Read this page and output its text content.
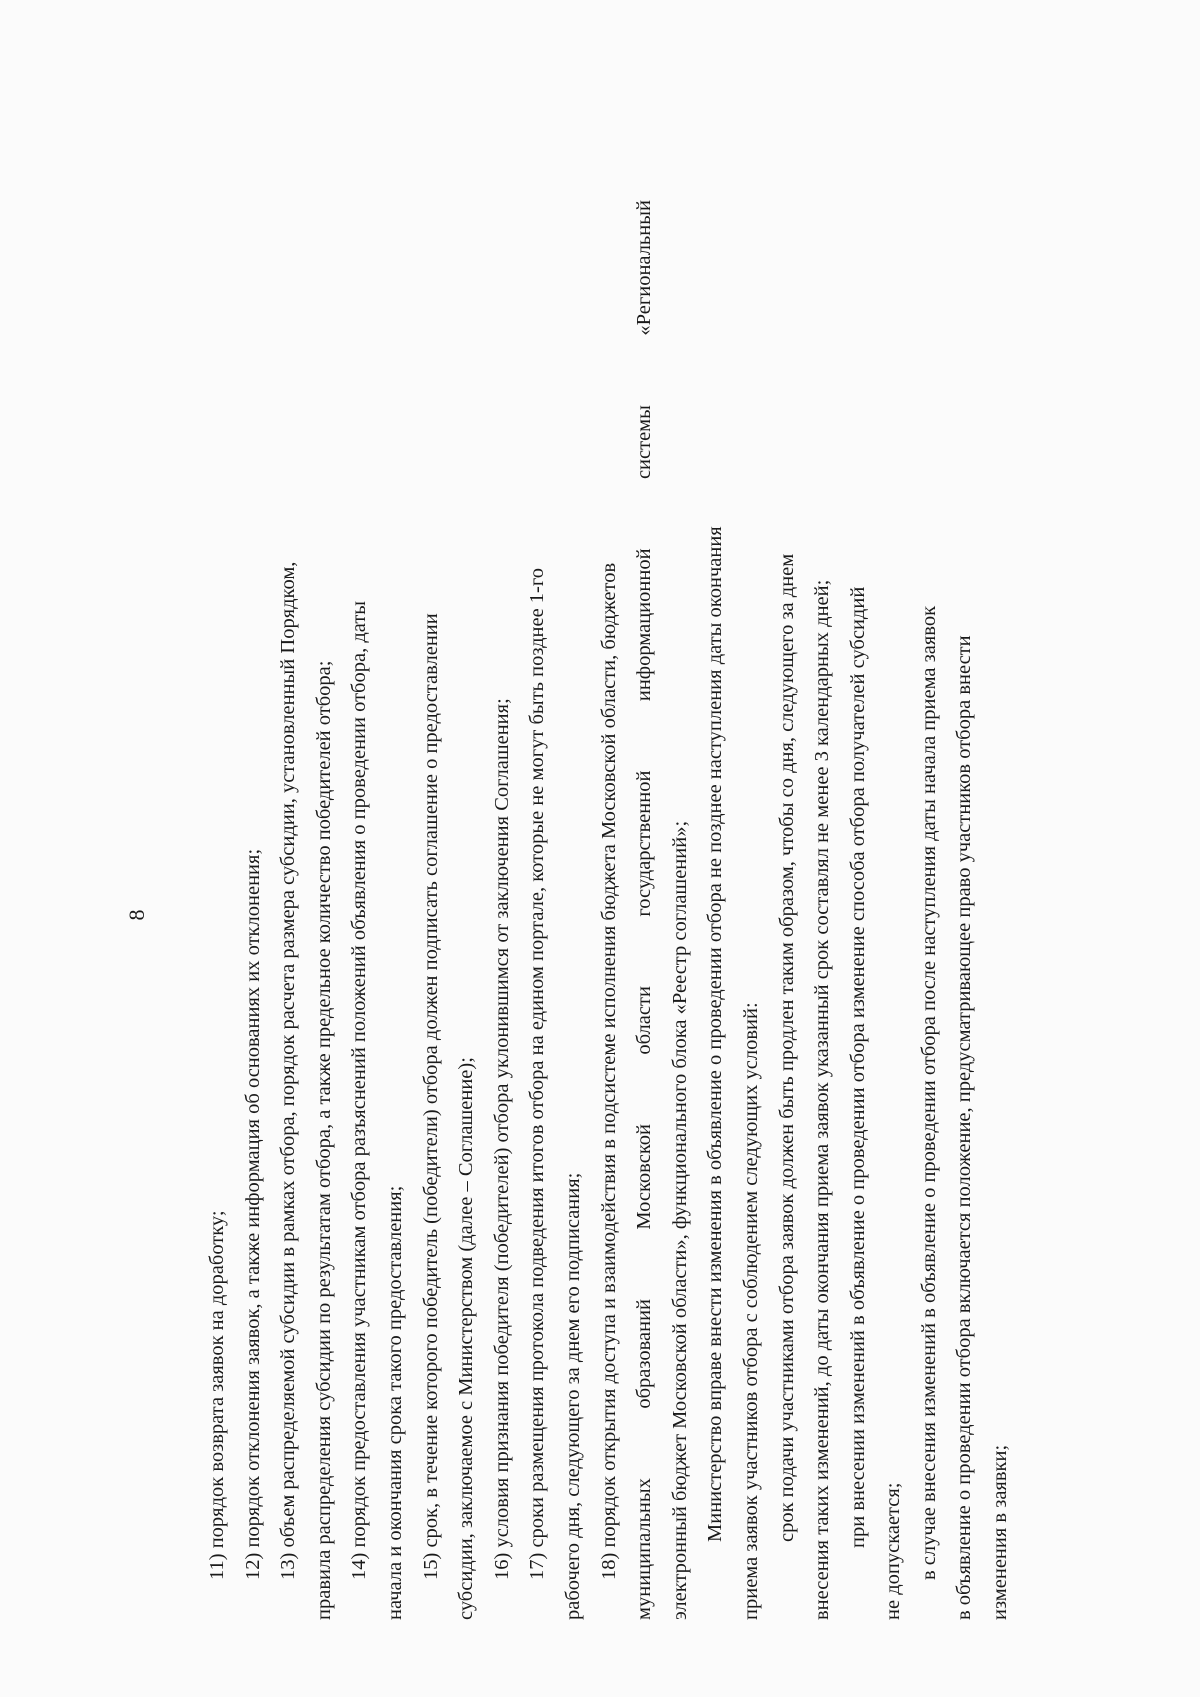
8
11) порядок возврата заявок на доработку; 12) порядок отклонения заявок, а также информация об основаниях их отклонения; 13) объем распределяемой субсидии в рамках отбора, порядок расчета размера субсидии, установленный Порядком, правила распределения субсидии по результатам отбора, а также предельное количество победителей отбора; 14) порядок предоставления участникам отбора разъяснений положений объявления о проведении отбора, даты начала и окончания срока такого предоставления; 15) срок, в течение которого победитель (победители) отбора должен подписать соглашение о предоставлении субсидии, заключаемое с Министерством (далее – Соглашение); 16) условия признания победителя (победителей) отбора уклонившимся от заключения Соглашения; 17) сроки размещения протокола подведения итогов отбора на едином портале, которые не могут быть позднее 1-го рабочего дня, следующего за днем его подписания; 18) порядок открытия доступа и взаимодействия в подсистеме исполнения бюджета Московской области, бюджетов муниципальных
образований
Московской
области
государственной
информационной
системы
«Региональный
электронный бюджет Московской области», функционального блока «Реестр соглашений»; Министерство вправе внести изменения в объявление о проведении отбора не позднее наступления даты окончания приема заявок участников отбора с соблюдением следующих условий: срок подачи участниками отбора заявок должен быть продлен таким образом, чтобы со дня, следующего за днем внесения таких изменений, до даты окончания приема заявок указанный срок составлял не менее 3 календарных дней; при внесении изменений в объявление о проведении отбора изменение способа отбора получателей субсидий
не допускается; в случае внесения изменений в объявление о проведении отбора после наступления даты начала приема заявок в объявление о проведении отбора включается положение, предусматривающее право участников отбора внести изменения в заявки;
